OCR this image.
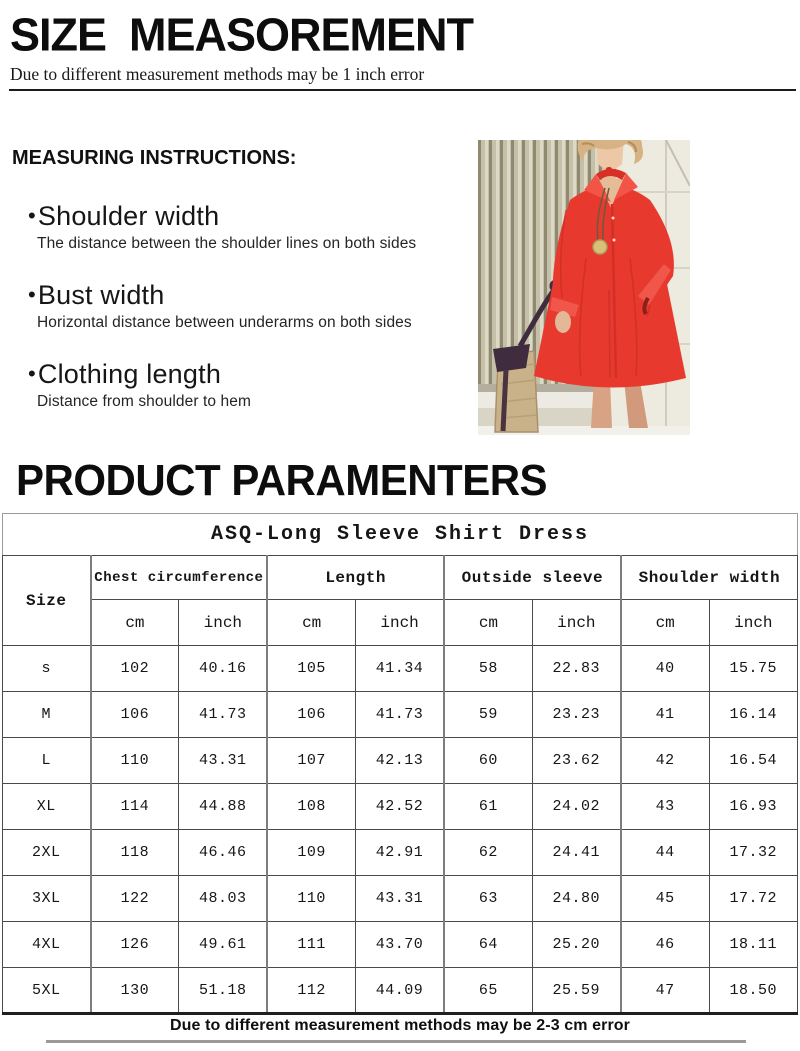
SIZE  MEASOREMENT
Due to different measurement methods may be 1 inch error
MEASURING INSTRUCTIONS:
•Shoulder width
The distance between the shoulder lines on both sides
•Bust width
Horizontal distance between underarms on both sides
•Clothing length
Distance from shoulder to hem
PRODUCT PARAMENTERS
ASQ-Long Sleeve Shirt Dress								
Size	Chest circumference		Length		Outside sleeve		Shoulder width	
	cm	inch	cm	inch	cm	inch	cm	inch
s	102	40.16	105	41.34	58	22.83	40	15.75
M	106	41.73	106	41.73	59	23.23	41	16.14
L	110	43.31	107	42.13	60	23.62	42	16.54
XL	114	44.88	108	42.52	61	24.02	43	16.93
2XL	118	46.46	109	42.91	62	24.41	44	17.32
3XL	122	48.03	110	43.31	63	24.80	45	17.72
4XL	126	49.61	111	43.70	64	25.20	46	18.11
5XL	130	51.18	112	44.09	65	25.59	47	18.50
Due to different measurement methods may be 2-3 cm error
